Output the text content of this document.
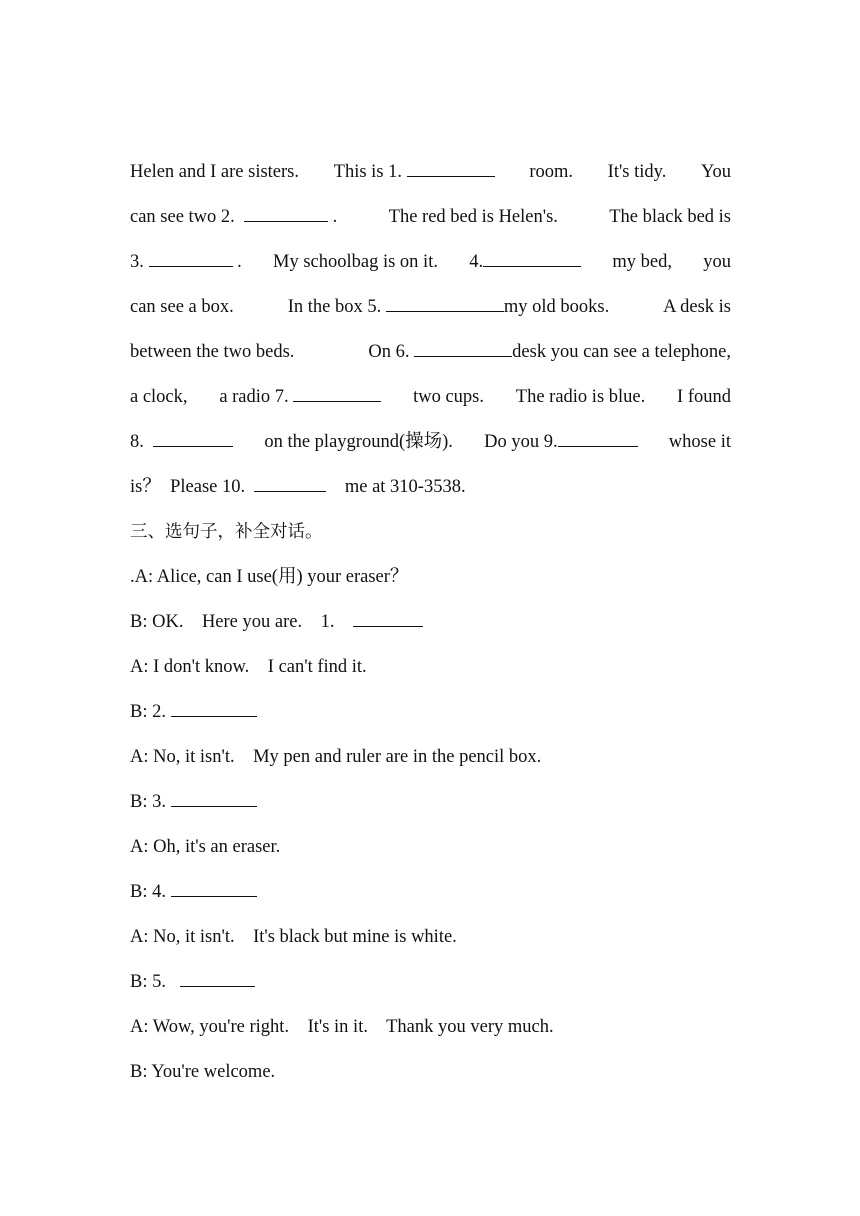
Helen and I are sisters. This is 1.	room. It's tidy. You
can see two 2.	.	The red bed is Helen's.	The black bed is
3.	. My schoolbag is on it. 4.	my bed, you
can see a box.	In the box 5.	my old books.	A desk is
between the two beds.	On 6.	desk you can see a telephone,
a clock, a radio 7.	two cups. The radio is blue. I found
8.	on the playground(操场). Do you 9.	whose it
is？ Please 10.	me at 310-3538.
三、选句子，补全对话。
.A: Alice, can I use(用) your eraser？
B: OK.    Here you are.    1.
A: I don't know.    I can't find it.
B: 2.
A: No, it isn't.    My pen and ruler are in the pencil box.
B: 3.
A: Oh, it's an eraser.
B: 4.
A: No, it isn't.    It's black but mine is white.
B: 5.
A: Wow, you're right.    It's in it.    Thank you very much.
B: You're welcome.
